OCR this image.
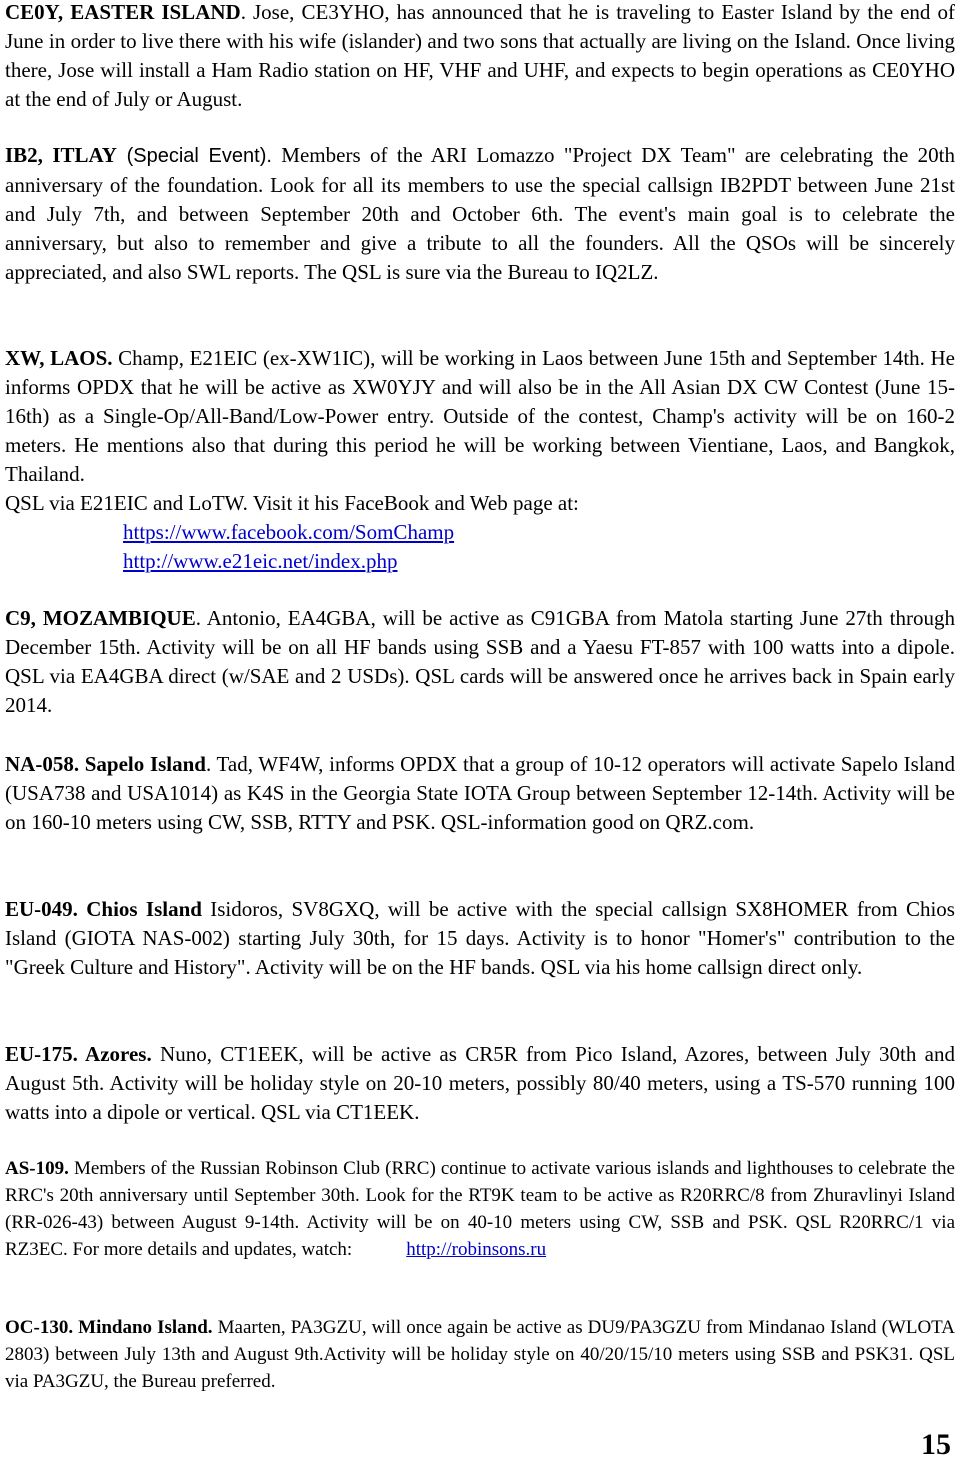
CE0Y, EASTER ISLAND. Jose, CE3YHO, has announced that he is traveling to Easter Island by the end of June in order to live there with his wife (islander) and two sons that actually are living on the Island. Once living there, Jose will install a Ham Radio station on HF, VHF and UHF, and expects to begin operations as CE0YHO at the end of July or August.

IB2, ITLAY (Special Event). Members of the ARI Lomazzo "Project DX Team" are celebrating the 20th anniversary of the foundation. Look for all its members to use the special callsign IB2PDT between June 21st and July 7th, and between September 20th and October 6th. The event's main goal is to celebrate the anniversary, but also to remember and give a tribute to all the founders. All the QSOs will be sincerely appreciated, and also SWL reports. The QSL is sure via the Bureau to IQ2LZ.

XW, LAOS. Champ, E21EIC (ex-XW1IC), will be working in Laos between June 15th and September 14th. He informs OPDX that he will be active as XW0YJY and will also be in the All Asian DX CW Contest (June 15-16th) as a Single-Op/All-Band/Low-Power entry. Outside of the contest, Champ's activity will be on 160-2 meters. He mentions also that during this period he will be working between Vientiane, Laos, and Bangkok, Thailand.

QSL via E21EIC and LoTW. Visit it his FaceBook and Web page at:

https://www.facebook.com/SomChamp
http://www.e21eic.net/index.php

C9, MOZAMBIQUE. Antonio, EA4GBA, will be active as C91GBA from Matola starting June 27th through December 15th. Activity will be on all HF bands using SSB and a Yaesu FT-857 with 100 watts into a dipole. QSL via EA4GBA direct (w/SAE and 2 USDs). QSL cards will be answered once he arrives back in Spain early 2014.

NA-058. Sapelo Island. Tad, WF4W, informs OPDX that a group of 10-12 operators will activate Sapelo Island (USA738 and USA1014) as K4S in the Georgia State IOTA Group between September 12-14th. Activity will be on 160-10 meters using CW, SSB, RTTY and PSK. QSL-information good on QRZ.com.

EU-049. Chios Island Isidoros, SV8GXQ, will be active with the special callsign SX8HOMER from Chios Island (GIOTA NAS-002) starting July 30th, for 15 days. Activity is to honor "Homer's" contribution to the "Greek Culture and History". Activity will be on the HF bands. QSL via his home callsign direct only.

EU-175. Azores. Nuno, CT1EEK, will be active as CR5R from Pico Island, Azores, between July 30th and August 5th. Activity will be holiday style on 20-10 meters, possibly 80/40 meters, using a TS-570 running 100 watts into a dipole or vertical. QSL via CT1EEK.

AS-109. Members of the Russian Robinson Club (RRC) continue to activate various islands and lighthouses to celebrate the RRC's 20th anniversary until September 30th. Look for the RT9K team to be active as R20RRC/8 from Zhuravlinyi Island (RR-026-43) between August 9-14th. Activity will be on 40-10 meters using CW, SSB and PSK. QSL R20RRC/1 via RZ3EC. For more details and updates, watch:	http://robinsons.ru

OC-130. Mindano Island. Maarten, PA3GZU, will once again be active as DU9/PA3GZU from Mindanao Island (WLOTA 2803) between July 13th and August 9th.Activity will be holiday style on 40/20/15/10 meters using SSB and PSK31. QSL via PA3GZU, the Bureau preferred.

15
